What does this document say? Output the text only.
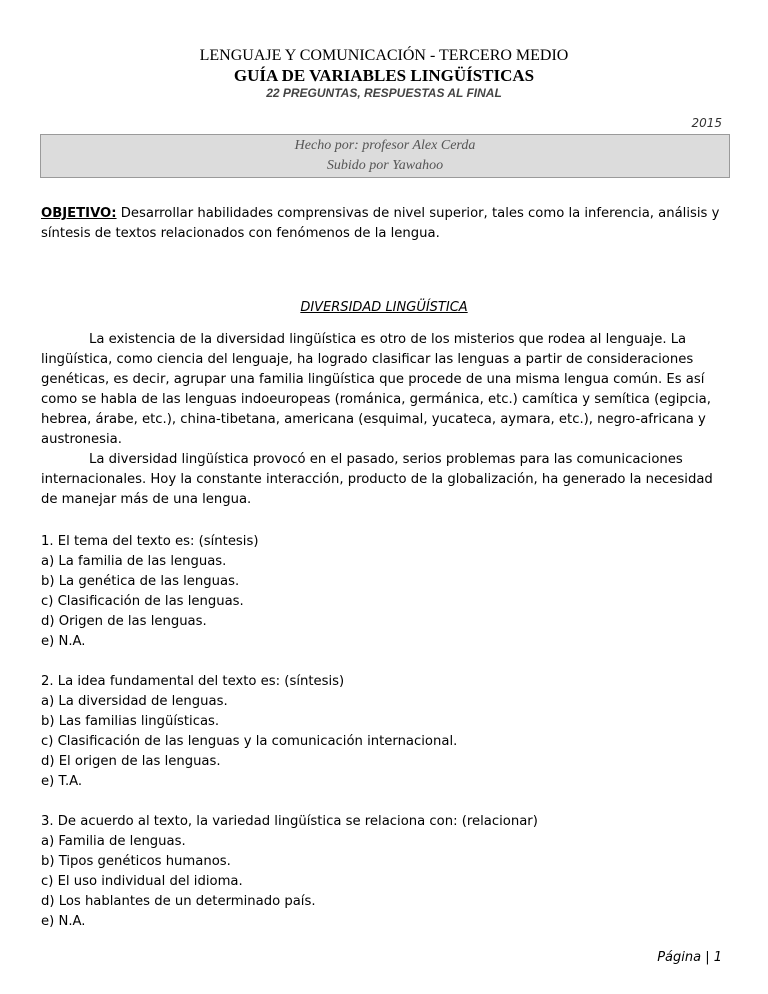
LENGUAJE Y COMUNICACIÓN - TERCERO MEDIO
GUÍA DE VARIABLES LINGÜÍSTICAS
22 PREGUNTAS, RESPUESTAS AL FINAL
2015
Hecho por: profesor Alex Cerda
Subido por Yawahoo
OBJETIVO: Desarrollar habilidades comprensivas de nivel superior, tales como la inferencia, análisis y síntesis de textos relacionados con fenómenos de la lengua.
DIVERSIDAD LINGÜÍSTICA

La existencia de la diversidad lingüística es otro de los misterios que rodea al lenguaje. La lingüística, como ciencia del lenguaje, ha logrado clasificar las lenguas a partir de consideraciones genéticas, es decir, agrupar una familia lingüística que procede de una misma lengua común. Es así como se habla de las lenguas indoeuropeas (románica, germánica, etc.) camítica y semítica (egipcia, hebrea, árabe, etc.), china-tibetana, americana (esquimal, yucateca, aymara, etc.), negro-africana y austronesia.

La diversidad lingüística provocó en el pasado, serios problemas para las comunicaciones internacionales. Hoy la constante interacción, producto de la globalización, ha generado la necesidad de manejar más de una lengua.

1. El tema del texto es: (síntesis)
a) La familia de las lenguas.
b) La genética de las lenguas.
c) Clasificación de las lenguas.
d) Origen de las lenguas.
e) N.A.
2. La idea fundamental del texto es: (síntesis)
a) La diversidad de lenguas.
b) Las familias lingüísticas.
c) Clasificación de las lenguas y la comunicación internacional.
d) El origen de las lenguas.
e) T.A.
3. De acuerdo al texto, la variedad lingüística se relaciona con: (relacionar)
a) Familia de lenguas.
b) Tipos genéticos humanos.
c) El uso individual del idioma.
d) Los hablantes de un determinado país.
e) N.A.
Página | 1
